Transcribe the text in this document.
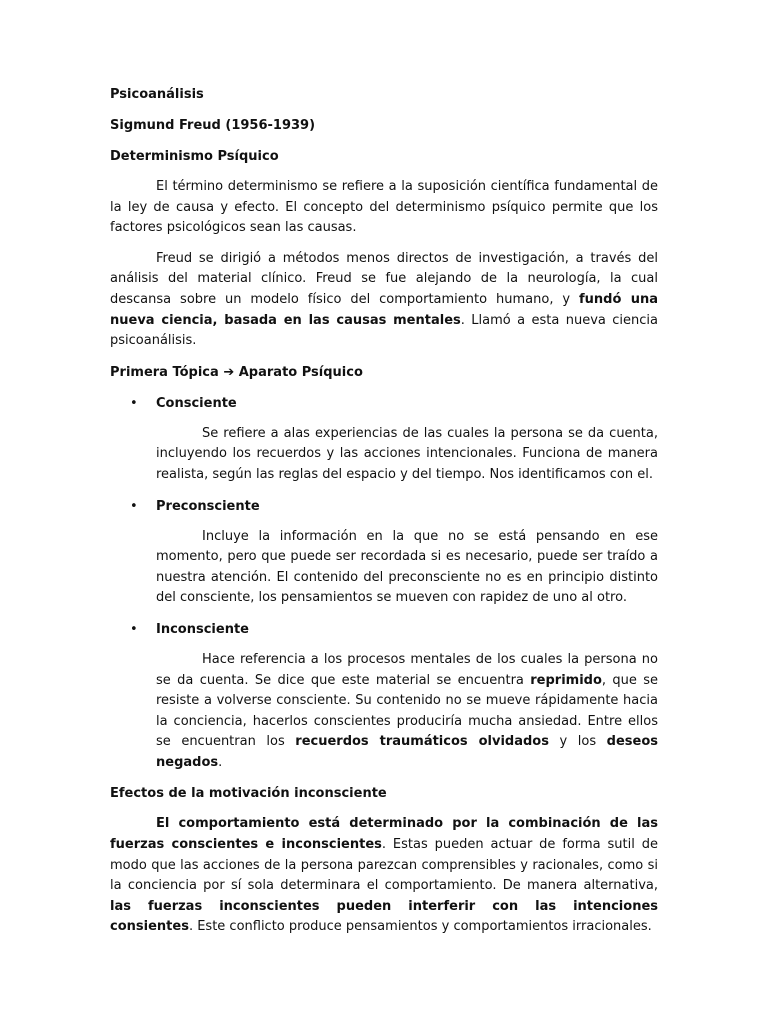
Psicoanálisis
Sigmund Freud (1956-1939)
Determinismo Psíquico

El término determinismo se refiere a la suposición científica fundamental de la ley de causa y efecto. El concepto del determinismo psíquico permite que los factores psicológicos sean las causas.

Freud se dirigió a métodos menos directos de investigación, a través del análisis del material clínico. Freud se fue alejando de la neurología, la cual descansa sobre un modelo físico del comportamiento humano, y fundó una nueva ciencia, basada en las causas mentales. Llamó a esta nueva ciencia psicoanálisis.

Primera Tópica ➔ Aparato Psíquico
• Consciente

Se refiere a alas experiencias de las cuales la persona se da cuenta, incluyendo los recuerdos y las acciones intencionales. Funciona de manera realista, según las reglas del espacio y del tiempo. Nos identificamos con el.

• Preconsciente

Incluye la información en la que no se está pensando en ese momento, pero que puede ser recordada si es necesario, puede ser traído a nuestra atención. El contenido del preconsciente no es en principio distinto del consciente, los pensamientos se mueven con rapidez de uno al otro.

• Inconsciente

Hace referencia a los procesos mentales de los cuales la persona no se da cuenta. Se dice que este material se encuentra reprimido, que se resiste a volverse consciente. Su contenido no se mueve rápidamente hacia la conciencia, hacerlos conscientes produciría mucha ansiedad. Entre ellos se encuentran los recuerdos traumáticos olvidados y los deseos negados.

Efectos de la motivación inconsciente

El comportamiento está determinado por la combinación de las fuerzas conscientes e inconscientes. Estas pueden actuar de forma sutil de modo que las acciones de la persona parezcan comprensibles y racionales, como si la conciencia por sí sola determinara el comportamiento. De manera alternativa, las fuerzas inconscientes pueden interferir con las intenciones consientes. Este conflicto produce pensamientos y comportamientos irracionales.
